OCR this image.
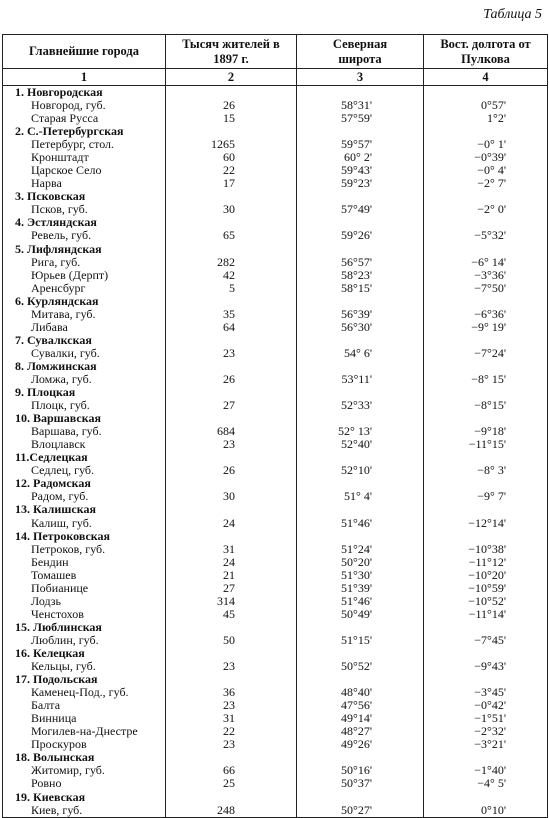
Таблица 5
Главнейшие города	Тысяч жителей в 1897 г.	Северная широта	Вост. долгота от Пулкова
1	2	3	4
1. Новгородская			
Новгород, губ.	26	58°31'	0°57'
Старая Русса	15	57°59'	1°2'
2. С.-Петербургская			
Петербург, стол.	1265	59°57'	−0° 1'
Кронштадт	60	60° 2'	−0°39'
Царское Село	22	59°43'	−0° 4'
Нарва	17	59°23'	−2° 7'
3. Псковская			
Псков, губ.	30	57°49'	−2° 0'
4. Эстляндская			
Ревель, губ.	65	59°26'	−5°32'
5. Лифляндская			
Рига, губ.	282	56°57'	−6° 14'
Юрьев (Дерпт)	42	58°23'	−3°36'
Аренсбург	5	58°15'	−7°50'
6. Курляндская			
Митава, губ.	35	56°39'	−6°36'
Либава	64	56°30'	−9° 19'
7. Сувалкская			
Сувалки, губ.	23	54° 6'	−7°24'
8. Ломжинская			
Ломжа, губ.	26	53°11'	−8° 15'
9. Плоцкая			
Плоцк, губ.	27	52°33'	−8°15'
10. Варшавская			
Варшава, губ.	684	52° 13'	−9°18'
Влоцлавск	23	52°40'	−11°15'
11.Седлецкая			
Седлец, губ.	26	52°10'	−8° 3'
12. Радомская			
Радом, губ.	30	51° 4'	−9° 7'
13. Калишская			
Калиш, губ.	24	51°46'	−12°14'
14. Петроковская			
Петроков, губ.	31	51°24'	−10°38'
Бендин	24	50°20'	−11°12'
Томашев	21	51°30'	−10°20'
Побианице	27	51°39'	−10°59'
Лодзь	314	51°46'	−10°52'
Ченстохов	45	50°49'	−11°14'
15. Люблинская			
Люблин, губ.	50	51°15'	−7°45'
16. Келецкая			
Кельцы, губ.	23	50°52'	−9°43'
17. Подольская			
Каменец-Под., губ.	36	48°40'	−3°45'
Балта	23	47°56'	−0°42'
Винница	31	49°14'	−1°51'
Могилев-на-Днестре	22	48°27'	−2°32'
Проскуров	23	49°26'	−3°21'
18. Волынская			
Житомир, губ.	66	50°16'	−1°40'
Ровно	25	50°37'	−4° 5'
19. Киевская			
Киев, губ.	248	50°27'	0°10'
